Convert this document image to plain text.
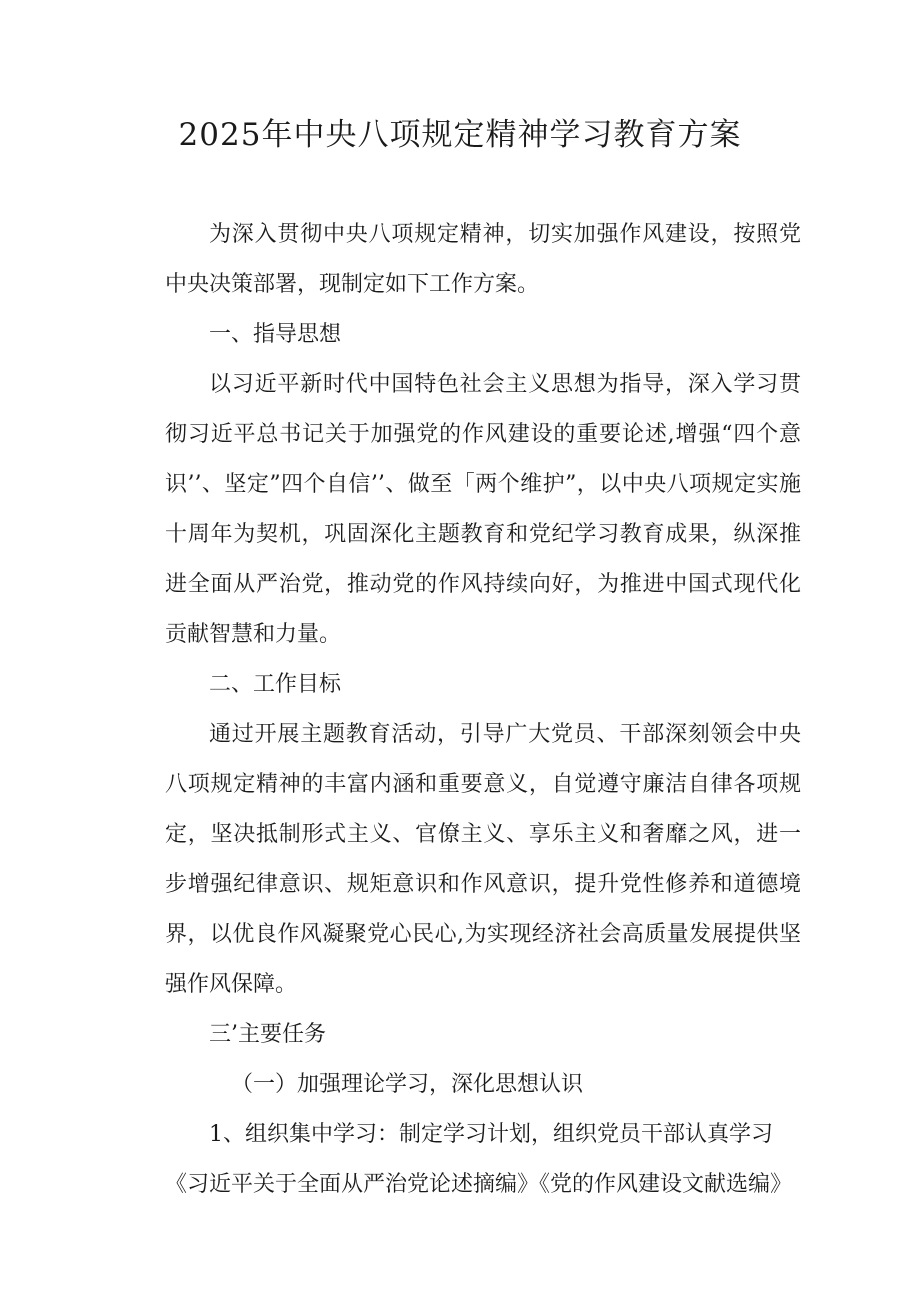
2025年中央八项规定精神学习教育方案

为深入贯彻中央八项规定精神，切实加强作风建设，按照党中央决策部署，现制定如下工作方案。

一、指导思想

以习近平新时代中国特色社会主义思想为指导，深入学习贯彻习近平总书记关于加强党的作风建设的重要论述,增强“四个意识’’、坚定”四个自信’’、做至「两个维护”，以中央八项规定实施十周年为契机，巩固深化主题教育和党纪学习教育成果，纵深推进全面从严治党，推动党的作风持续向好，为推进中国式现代化贡献智慧和力量。

二、工作目标

通过开展主题教育活动，引导广大党员、干部深刻领会中央八项规定精神的丰富内涵和重要意义，自觉遵守廉洁自律各项规定，坚决抵制形式主义、官僚主义、享乐主义和奢靡之风，进一步增强纪律意识、规矩意识和作风意识，提升党性修养和道德境界，以优良作风凝聚党心民心,为实现经济社会高质量发展提供坚强作风保障。

三’主要任务

（一）加强理论学习，深化思想认识

1、组织集中学习：制定学习计划，组织党员干部认真学习

《习近平关于全面从严治党论述摘编》《党的作风建设文献选编》
